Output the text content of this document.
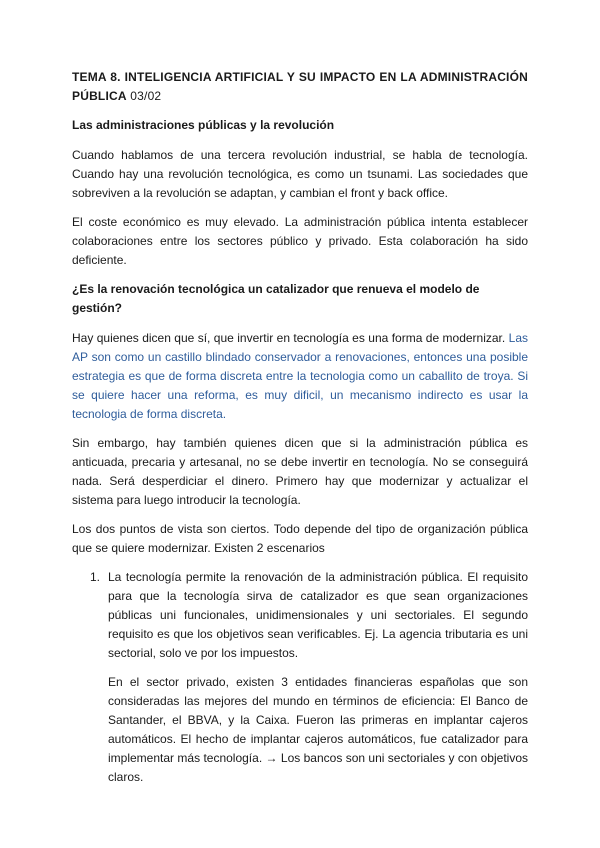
TEMA 8. INTELIGENCIA ARTIFICIAL Y SU IMPACTO EN LA ADMINISTRACIÓN PÚBLICA 03/02
Las administraciones públicas y la revolución

Cuando hablamos de una tercera revolución industrial, se habla de tecnología. Cuando hay una revolución tecnológica, es como un tsunami. Las sociedades que sobreviven a la revolución se adaptan, y cambian el front y back office.

El coste económico es muy elevado. La administración pública intenta establecer colaboraciones entre los sectores público y privado. Esta colaboración ha sido deficiente.

¿Es la renovación tecnológica un catalizador que renueva el modelo de gestión?

Hay quienes dicen que sí, que invertir en tecnología es una forma de modernizar. Las AP son como un castillo blindado conservador a renovaciones, entonces una posible estrategia es que de forma discreta entre la tecnologia como un caballito de troya. Si se quiere hacer una reforma, es muy dificil, un mecanismo indirecto es usar la tecnologia de forma discreta.

Sin embargo, hay también quienes dicen que si la administración pública es anticuada, precaria y artesanal, no se debe invertir en tecnología. No se conseguirá nada. Será desperdiciar el dinero. Primero hay que modernizar y actualizar el sistema para luego introducir la tecnología.

Los dos puntos de vista son ciertos. Todo depende del tipo de organización pública que se quiere modernizar. Existen 2 escenarios

1. La tecnología permite la renovación de la administración pública. El requisito para que la tecnología sirva de catalizador es que sean organizaciones públicas uni funcionales, unidimensionales y uni sectoriales. El segundo requisito es que los objetivos sean verificables. Ej. La agencia tributaria es uni sectorial, solo ve por los impuestos.

En el sector privado, existen 3 entidades financieras españolas que son consideradas las mejores del mundo en términos de eficiencia: El Banco de Santander, el BBVA, y la Caixa. Fueron las primeras en implantar cajeros automáticos. El hecho de implantar cajeros automáticos, fue catalizador para implementar más tecnología. → Los bancos son uni sectoriales y con objetivos claros.
